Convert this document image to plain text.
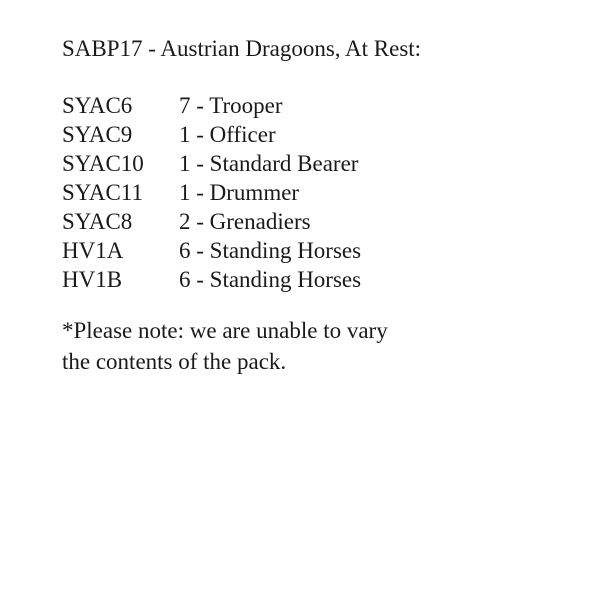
SABP17 - Austrian Dragoons, At Rest:
SYAC6	7 - Trooper
SYAC9	1 - Officer
SYAC10	1 - Standard Bearer
SYAC11	1 - Drummer
SYAC8	2 - Grenadiers
HV1A	6 - Standing Horses
HV1B	6 - Standing Horses

*Please note: we are unable to vary
the contents of the pack.
